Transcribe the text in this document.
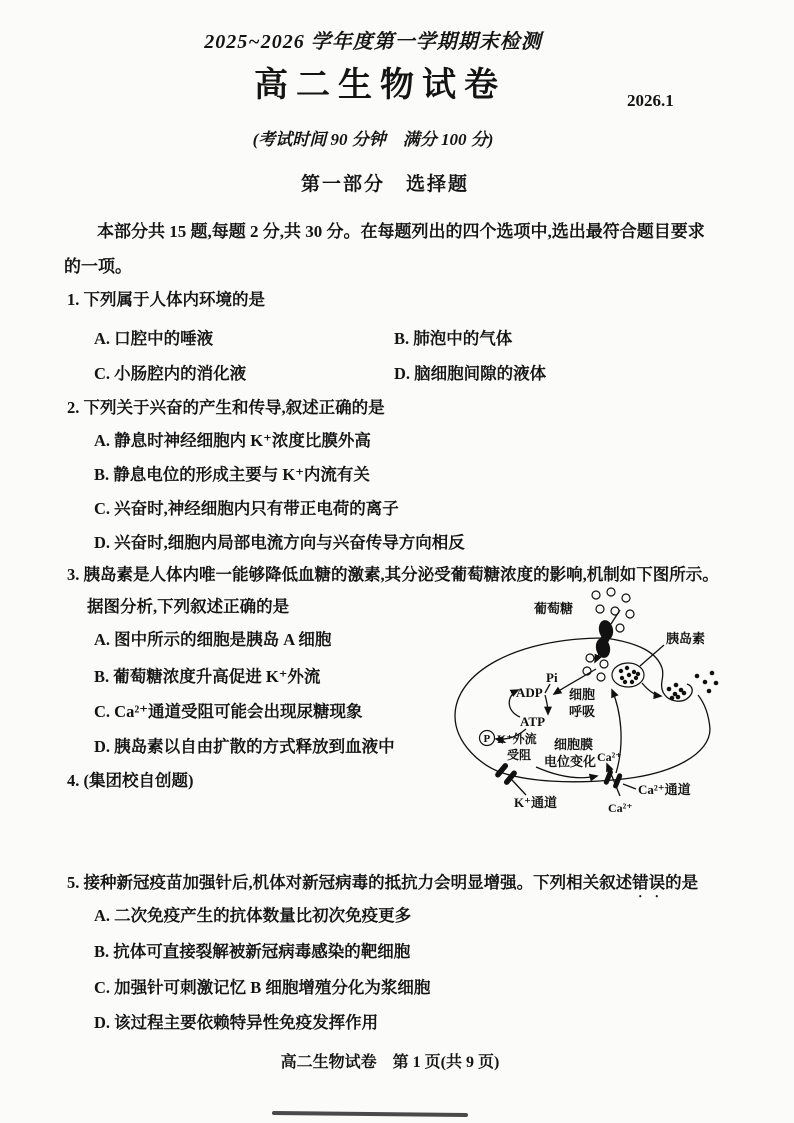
2025~2026 学年度第一学期期末检测
高二生物试卷	2026.1
(考试时间 90 分钟　满分 100 分)
第一部分　选择题
本部分共 15 题,每题 2 分,共 30 分。在每题列出的四个选项中,选出最符合题目要求
的一项。
1. 下列属于人体内环境的是
A. 口腔中的唾液	B. 肺泡中的气体
C. 小肠腔内的消化液	D. 脑细胞间隙的液体
2. 下列关于兴奋的产生和传导,叙述正确的是
A. 静息时神经细胞内 K⁺浓度比膜外高
B. 静息电位的形成主要与 K⁺内流有关
C. 兴奋时,神经细胞内只有带正电荷的离子
D. 兴奋时,细胞内局部电流方向与兴奋传导方向相反
3. 胰岛素是人体内唯一能够降低血糖的激素,其分泌受葡萄糖浓度的影响,机制如下图所示。
据图分析,下列叙述正确的是
A. 图中所示的细胞是胰岛 A 细胞
B. 葡萄糖浓度升高促进 K⁺外流
C. Ca²⁺通道受阻可能会出现尿糖现象
D. 胰岛素以自由扩散的方式释放到血液中
4. (集团校自创题)
5. 接种新冠疫苗加强针后,机体对新冠病毒的抵抗力会明显增强。下列相关叙述错误的是
A. 二次免疫产生的抗体数量比初次免疫更多
B. 抗体可直接裂解被新冠病毒感染的靶细胞
C. 加强针可刺激记忆 B 细胞增殖分化为浆细胞
D. 该过程主要依赖特异性免疫发挥作用
高二生物试卷　第 1 页(共 9 页)
葡萄糖
胰岛素
Pi
ADP
ATP
细胞
呼吸
P K⁺外流
受阻
细胞膜
电位变化 Ca²⁺
Ca²⁺
K⁺通道
Ca²⁺通道
